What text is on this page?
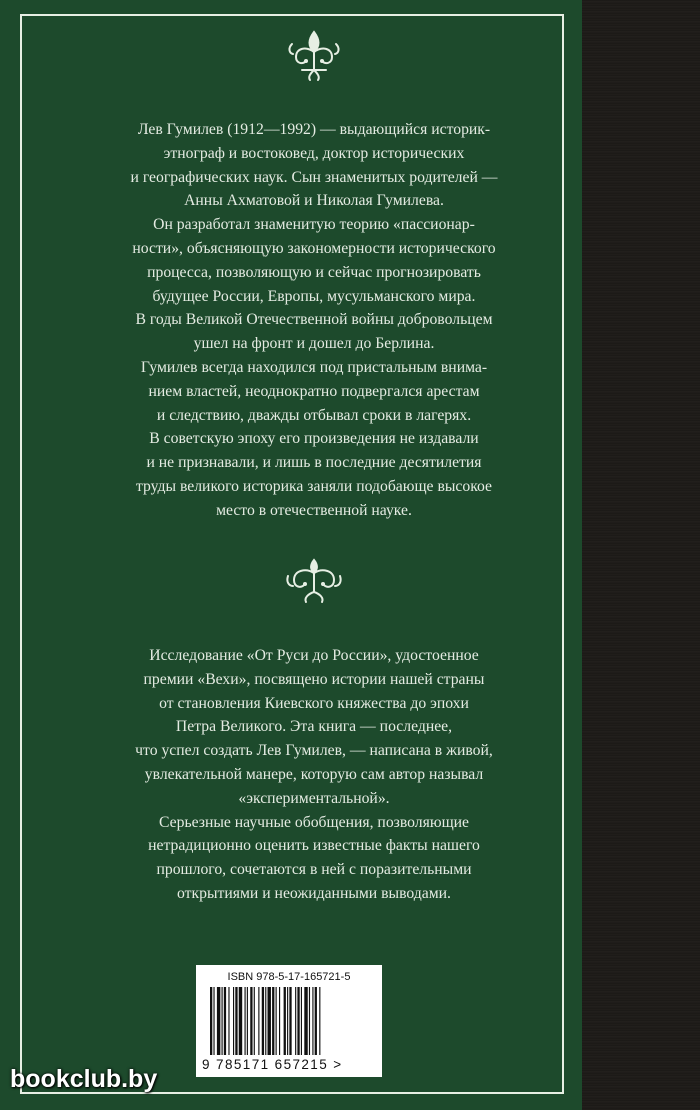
Лев Гумилев (1912—1992) — выдающийся историк-

этнограф и востоковед, доктор исторических

и географических наук. Сын знаменитых родителей —

Анны Ахматовой и Николая Гумилева.

Он разработал знаменитую теорию «пассионар-

ности», объясняющую закономерности исторического

процесса, позволяющую и сейчас прогнозировать

будущее России, Европы, мусульманского мира.

В годы Великой Отечественной войны добровольцем

ушел на фронт и дошел до Берлина.

Гумилев всегда находился под пристальным внима-

нием властей, неоднократно подвергался арестам

и следствию, дважды отбывал сроки в лагерях.

В советскую эпоху его произведения не издавали

и не признавали, и лишь в последние десятилетия

труды великого историка заняли подобающе высокое

место в отечественной науке.

Исследование «От Руси до России», удостоенное

премии «Вехи», посвящено истории нашей страны

от становления Киевского княжества до эпохи

Петра Великого. Эта книга — последнее,

что успел создать Лев Гумилев, — написана в живой,

увлекательной манере, которую сам автор называл

«экспериментальной».

Серьезные научные обобщения, позволяющие

нетрадиционно оценить известные факты нашего

прошлого, сочетаются в ней с поразительными

открытиями и неожиданными выводами.

ISBN 978-5-17-165721-5
9 785171 657215 >
bookclub.by
